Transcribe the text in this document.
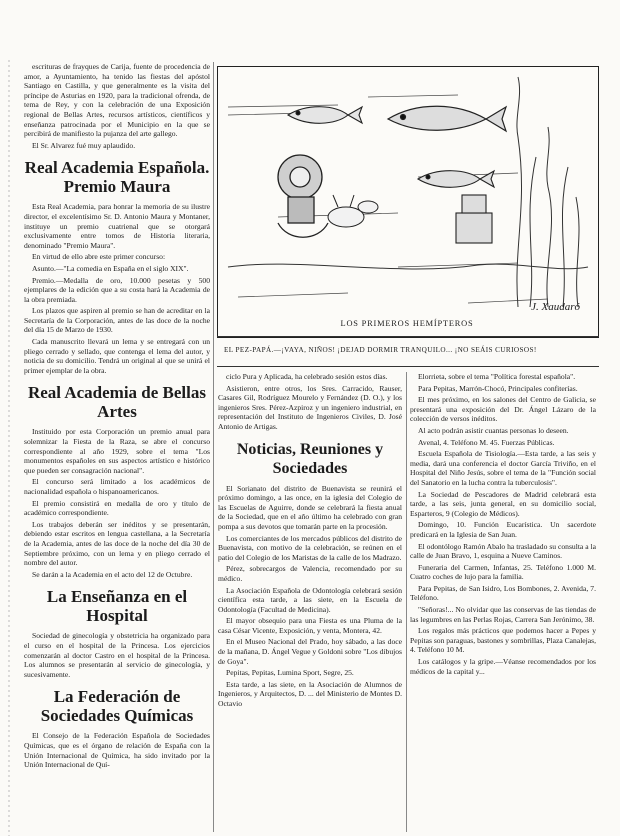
escrituras de frayques de Carija, fuente de procedencia de amor, a Ayuntamiento, ha tenido las fiestas del apóstol Santiago en Castilla, y que generalmente es la visita del príncipe de Asturias en 1920, para la tradicional ofrenda, de tema de Rey, y con la celebración de una Exposición regional de Bellas Artes, recursos artísticos, científicos y enseñanza patrocinada por el Municipio en la que se percibirá de manifiesto la pujanza del arte gallego.

El Sr. Alvarez fué muy aplaudido.

Real Academia Española. Premio Maura

Esta Real Academia, para honrar la memoria de su ilustre director, el excelentísimo Sr. D. Antonio Maura y Montaner, instituye un premio cuatrienal que se otorgará exclusivamente entre tomos de Historia literaria, denominado "Premio Maura".

En virtud de ello abre este primer concurso:

Asunto.—"La comedia en España en el siglo XIX".

Premio.—Medalla de oro, 10.000 pesetas y 500 ejemplares de la edición que a su costa hará la Academia de la obra premiada.

Los plazos que aspiren al premio se han de acreditar en la Secretaría de la Corporación, antes de las doce de la noche del día 15 de Marzo de 1930.

Cada manuscrito llevará un lema y se entregará con un pliego cerrado y sellado, que contenga el lema del autor, y noticia de su domicilio. Tendrá un original al que se unirá el primer ejemplar de la obra.

Real Academia de Bellas Artes

Instituido por esta Corporación un premio anual para solemnizar la Fiesta de la Raza, se abre el concurso correspondiente al año 1929, sobre el tema "Los monumentos españoles en sus aspectos artístico e histórico que pueden ser consagración nacional".

El concurso será limitado a los académicos de nacionalidad española o hispanoamericanos.

El premio consistirá en medalla de oro y título de académico correspondiente.

Los trabajos deberán ser inéditos y se presentarán, debiendo estar escritos en lengua castellana, a la Secretaría de la Academia, antes de las doce de la noche del día 30 de Septiembre próximo, con un lema y en pliego cerrado el nombre del autor.

Se darán a la Academia en el acto del 12 de Octubre.

La Enseñanza en el Hospital

Sociedad de ginecología y obstetricia ha organizado para el curso en el hospital de la Princesa. Los ejercicios comenzarán al doctor Castro en el hospital de la Princesa. Los alumnos se presentarán al servicio de ginecología, y sucesivamente.

La Federación de Sociedades Químicas

El Consejo de la Federación Española de Sociedades Químicas, que es el órgano de relación de España con la Unión Internacional de Química, ha sido invitado por la Unión Internacional de Quí-

J. Xaudaró
LOS PRIMEROS HEMÍPTEROS
EL PEZ-PAPÁ.—¡VAYA, NIÑOS! ¡DEJAD DORMIR TRANQUILO... ¡NO SEÁIS CURIOSOS!

ciclo Pura y Aplicada, ha celebrado sesión estos días.

Asistieron, entre otros, los Sres. Carracido, Rauser, Casares Gil, Rodríguez Mourelo y Fernández (D. O.), y los ingenieros Sres. Pérez-Azpiroz y un ingeniero industrial, en representación del Instituto de Ingenieros Civiles, D. José Antonio de Artigas.

Noticias, Reuniones y Sociedades

El Sorianato del distrito de Buenavista se reunirá el próximo domingo, a las once, en la iglesia del Colegio de las Escuelas de Aguirre, donde se celebrará la fiesta anual de la Sociedad, que en el año último ha celebrado con gran pompa a sus devotos que tomarán parte en la procesión.

Los comerciantes de los mercados públicos del distrito de Buenavista, con motivo de la celebración, se reúnen en el patio del Colegio de los Maristas de la calle de los Madrazo.

Pérez, sobrecargos de Valencia, recomendado por su médico.

La Asociación Española de Odontología celebrará sesión científica esta tarde, a las siete, en la Escuela de Odontología (Facultad de Medicina).

El mayor obsequio para una Fiesta es una Pluma de la casa César Vicente, Exposición, y venta, Montera, 42.

En el Museo Nacional del Prado, hoy sábado, a las doce de la mañana, D. Ángel Vegue y Goldoni sobre "Los dibujos de Goya".

Pepitas, Pepitas, Lumina Sport, Segre, 25.

Esta tarde, a las siete, en la Asociación de Alumnos de Ingenieros, y Arquitectos, D. ... del Ministerio de Montes D. Octavio

Elorrieta, sobre el tema "Política forestal española".

Para Pepitas, Marrón-Chocó, Principales confiterías.

El mes próximo, en los salones del Centro de Galicia, se presentará una exposición del Dr. Ángel Lázaro de la colección de versos inéditos.

Al acto podrán asistir cuantas personas lo deseen.

Avenal, 4. Teléfono M. 45. Fuerzas Públicas.

Escuela Española de Tisiología.—Esta tarde, a las seis y media, dará una conferencia el doctor García Triviño, en el Hospital del Niño Jesús, sobre el tema de la "Función social del Sanatorio en la lucha contra la tuberculosis".

La Sociedad de Pescadores de Madrid celebrará esta tarde, a las seis, junta general, en su domicilio social, Esparteros, 9 (Colegio de Médicos).

Domingo, 10. Función Eucarística. Un sacerdote predicará en la Iglesia de San Juan.

El odontólogo Ramón Abalo ha trasladado su consulta a la calle de Juan Bravo, 1, esquina a Nueve Caminos.

Funeraria del Carmen, Infantas, 25. Teléfono 1.000 M. Cuatro coches de lujo para la familia.

Para Pepitas, de San Isidro, Los Bombones, 2. Avenida, 7. Teléfono.

"Señoras!... No olvidar que las conservas de las tiendas de las legumbres en las Perlas Rojas, Carrera San Jerónimo, 38.

Los regalos más prácticos que podemos hacer a Pepes y Pepitas son paraguas, bastones y sombrillas, Plaza Canalejas, 4. Teléfono 10 M.

Los catálogos y la gripe.—Véanse recomendados por los médicos de la capital y...
